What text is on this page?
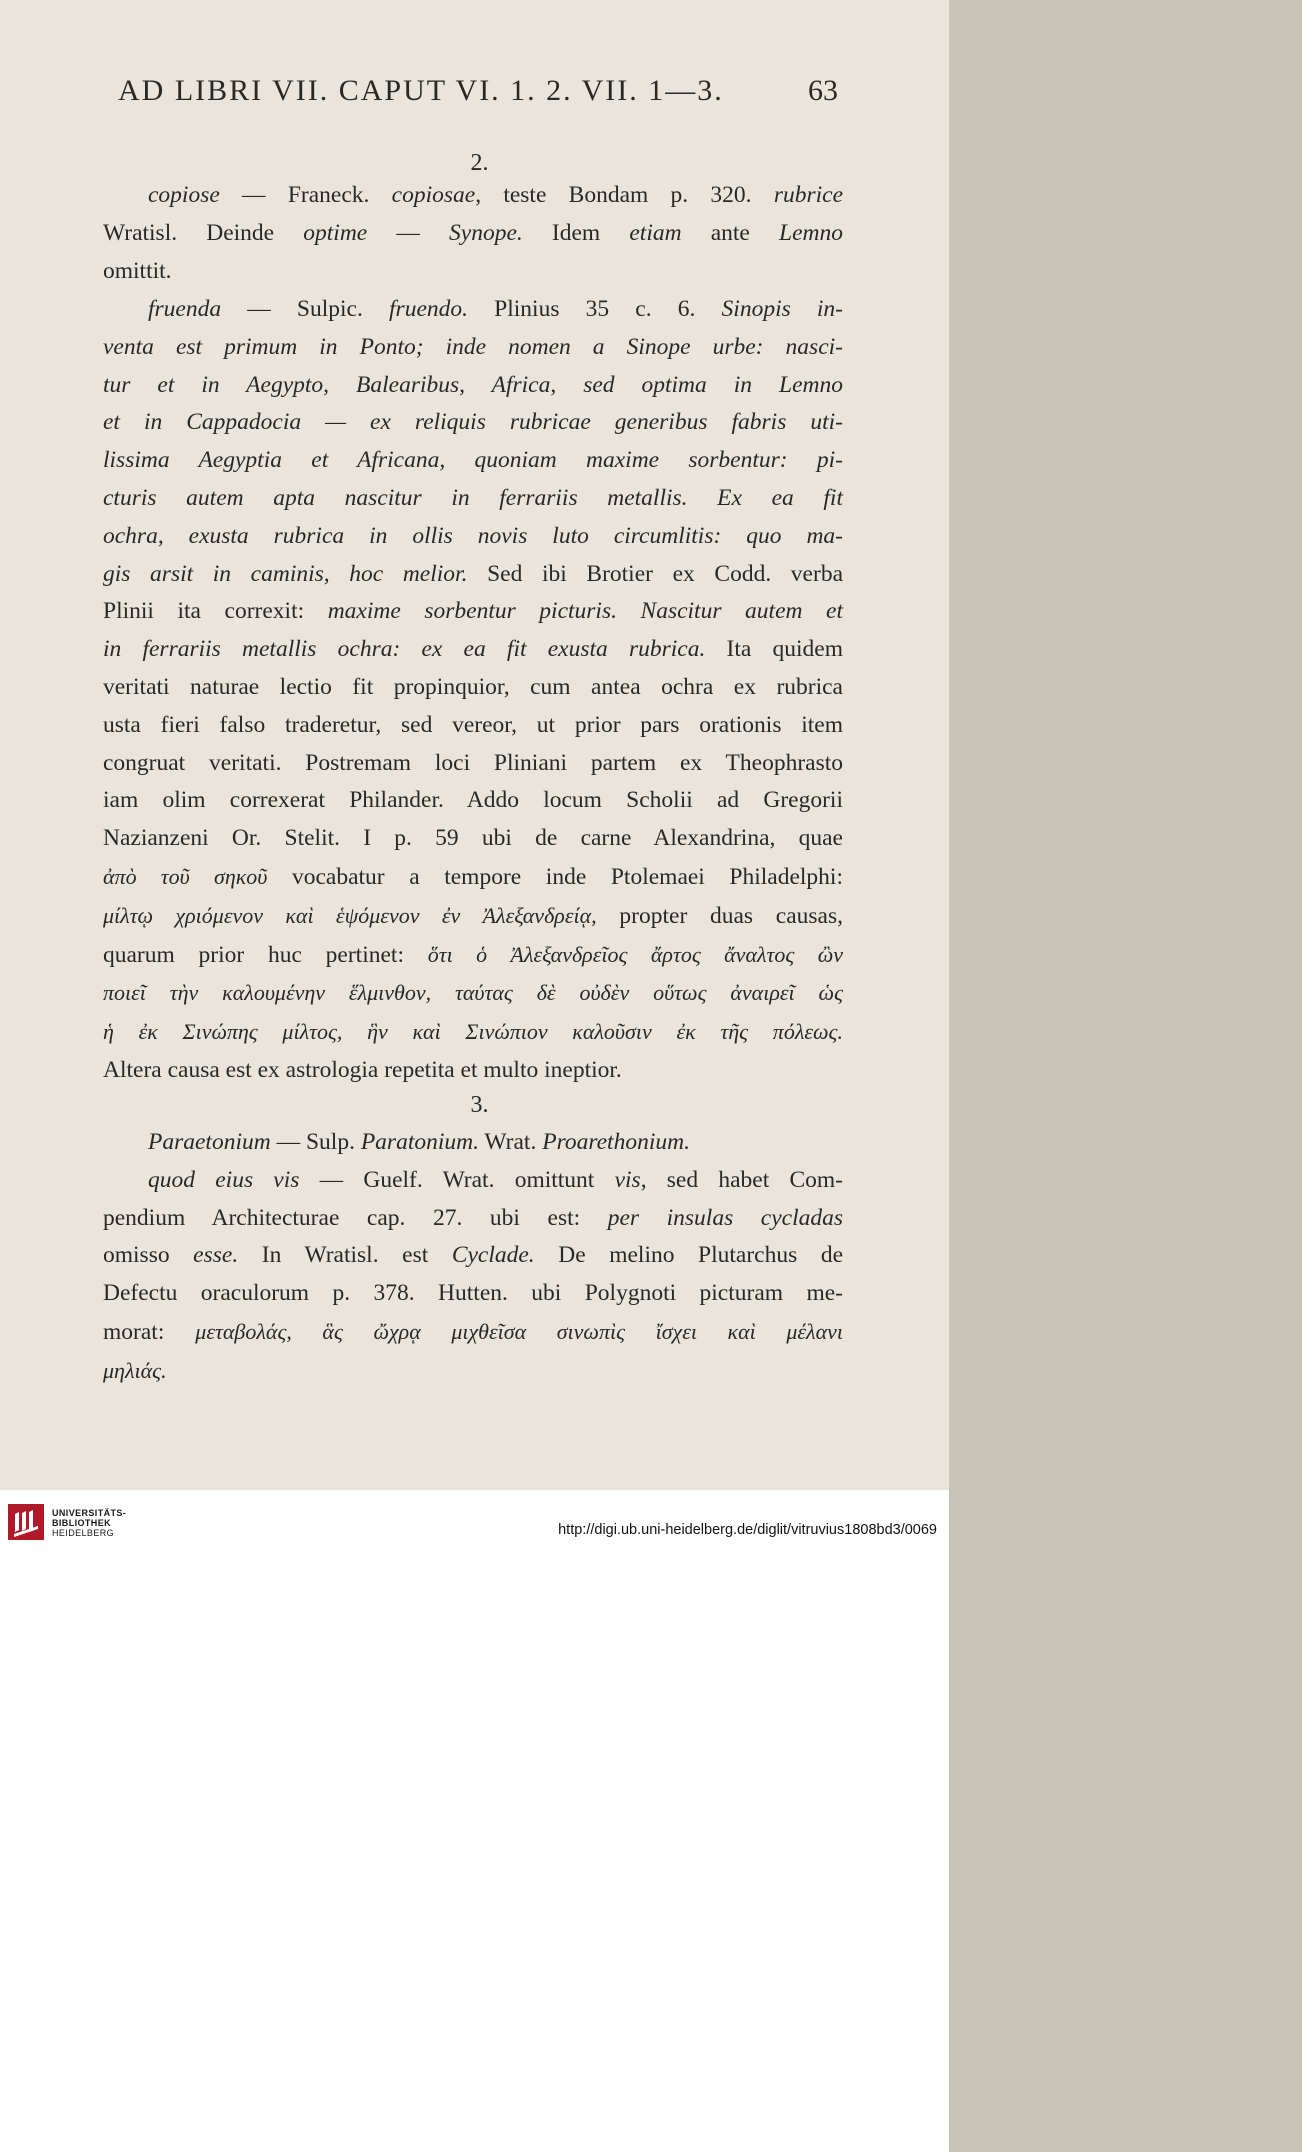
AD LIBRI VII. CAPUT VI. 1. 2. VII. 1—3.	63
2.
copiose — Franeck. copiosae, teste Bondam p. 320. rubrice
Wratisl. Deinde optime — Synope. Idem etiam ante Lemno
omittit.
fruenda — Sulpic. fruendo. Plinius 35 c. 6. Sinopis in-
venta est primum in Ponto; inde nomen a Sinope urbe: nasci-
tur et in Aegypto, Balearibus, Africa, sed optima in Lemno
et in Cappadocia — ex reliquis rubricae generibus fabris uti-
lissima Aegyptia et Africana, quoniam maxime sorbentur: pi-
cturis autem apta nascitur in ferrariis metallis. Ex ea fit
ochra, exusta rubrica in ollis novis luto circumlitis: quo ma-
gis arsit in caminis, hoc melior. Sed ibi Brotier ex Codd. verba
Plinii ita correxit: maxime sorbentur picturis. Nascitur autem et
in ferrariis metallis ochra: ex ea fit exusta rubrica. Ita quidem
veritati naturae lectio fit propinquior, cum antea ochra ex rubrica
usta fieri falso traderetur, sed vereor, ut prior pars orationis item
congruat veritati. Postremam loci Pliniani partem ex Theophrasto
iam olim correxerat Philander. Addo locum Scholii ad Gregorii
Nazianzeni Or. Stelit. I p. 59 ubi de carne Alexandrina, quae
ἀπὸ τοῦ σηκοῦ vocabatur a tempore inde Ptolemaei Philadelphi:
μίλτῳ χριόμενον καὶ ἑψόμενον ἐν Ἀλεξανδρείᾳ, propter duas causas,
quarum prior huc pertinet: ὅτι ὁ Ἀλεξανδρεῖος ἄρτος ἄναλτος ὢν
ποιεῖ τὴν καλουμένην ἕλμινθον, ταύτας δὲ οὐδὲν οὕτως ἀναιρεῖ ὡς
ἡ ἐκ Σινώπης μίλτος, ἣν καὶ Σινώπιον καλοῦσιν ἐκ τῆς πόλεως.
Altera causa est ex astrologia repetita et multo ineptior.
3.
Paraetonium — Sulp. Paratonium. Wrat. Proarethonium.
quod eius vis — Guelf. Wrat. omittunt vis, sed habet Com-
pendium Architecturae cap. 27. ubi est: per insulas cycladas
omisso esse. In Wratisl. est Cyclade. De melino Plutarchus de
Defectu oraculorum p. 378. Hutten. ubi Polygnoti picturam me-
morat: μεταβολάς, ἃς ὤχρᾳ μιχθεῖσα σινωπὶς ἴσχει καὶ μέλανι
μηλιάς.
UNIVERSITÄTS-
BIBLIOTHEK
HEIDELBERG	http://digi.ub.uni-heidelberg.de/diglit/vitruvius1808bd3/0069
